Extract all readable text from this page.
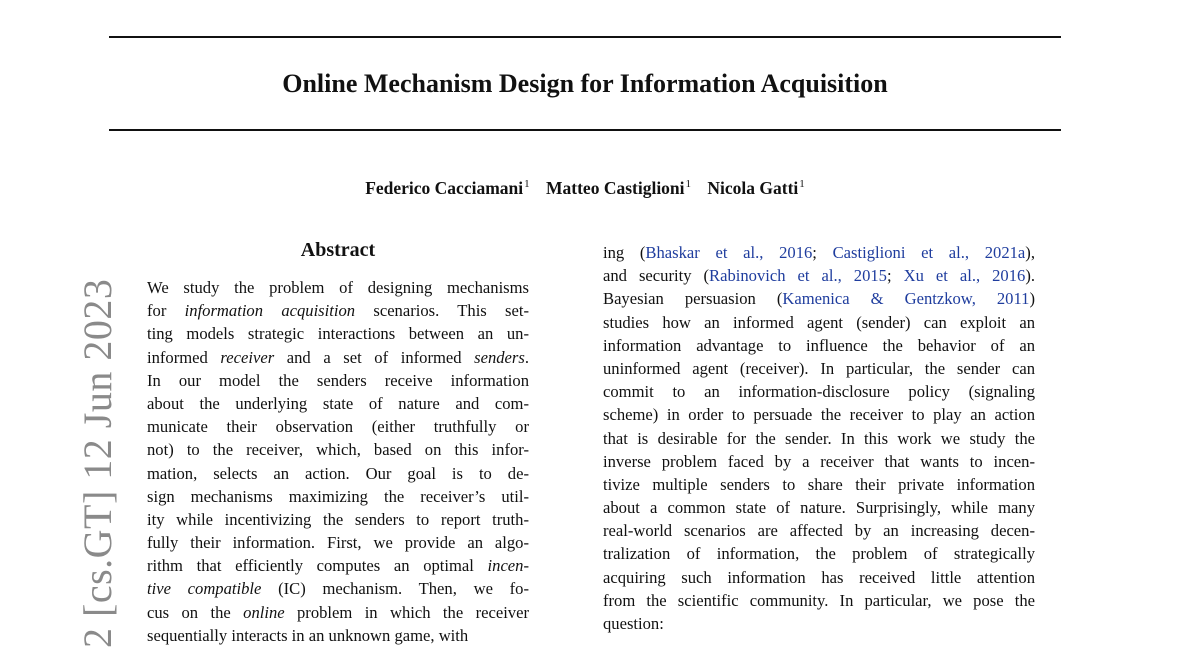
Online Mechanism Design for Information Acquisition
Federico Cacciamani$^1$ Matteo Castiglioni$^1$ Nicola Gatti$^1$
2 [cs.GT] 12 Jun 2023
Abstract
We study the problem of designing mechanisms
for information acquisition scenarios. This set-
ting models strategic interactions between an un-
informed receiver and a set of informed senders.
In our model the senders receive information
about the underlying state of nature and com-
municate their observation (either truthfully or
not) to the receiver, which, based on this infor-
mation, selects an action. Our goal is to de-
sign mechanisms maximizing the receiver’s util-
ity while incentivizing the senders to report truth-
fully their information. First, we provide an algo-
rithm that efficiently computes an optimal incen-
tive compatible (IC) mechanism. Then, we fo-
cus on the online problem in which the receiver
sequentially interacts in an unknown game, with
ing (Bhaskar et al., 2016; Castiglioni et al., 2021a),
and security (Rabinovich et al., 2015; Xu et al., 2016).
Bayesian persuasion (Kamenica & Gentzkow, 2011)
studies how an informed agent (sender) can exploit an
information advantage to influence the behavior of an
uninformed agent (receiver). In particular, the sender can
commit to an information-disclosure policy (signaling
scheme) in order to persuade the receiver to play an action
that is desirable for the sender. In this work we study the
inverse problem faced by a receiver that wants to incen-
tivize multiple senders to share their private information
about a common state of nature. Surprisingly, while many
real-world scenarios are affected by an increasing decen-
tralization of information, the problem of strategically
acquiring such information has received little attention
from the scientific community. In particular, we pose the
question:
